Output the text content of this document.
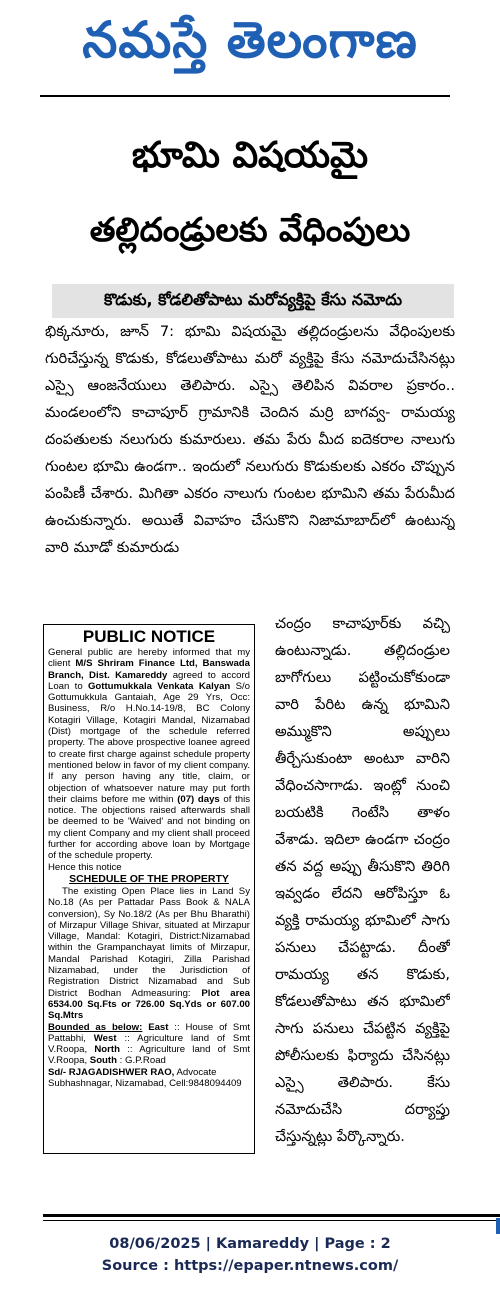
నమస్తే తెలంగాణ
భూమి విషయమై
తల్లిదండ్రులకు వేధింపులు
కొడుకు, కోడలితోపాటు మరోవ్యక్తిపై కేసు నమోదు
భిక్కనూరు, జూన్ 7: భూమి విషయమై తల్లిదండ్రులను వేధింపులకు గురిచేస్తున్న కొడుకు, కోడలుతోపాటు మరో వ్యక్తిపై కేసు నమోదుచేసినట్లు ఎస్సై ఆంజనేయులు తెలిపారు. ఎస్సై తెలిపిన వివరాల ప్రకారం.. మండలంలోని కాచాపూర్ గ్రామానికి చెందిన మర్రి బాగవ్వ- రామయ్య దంపతులకు నలుగురు కుమారులు. తమ పేరు మీద ఐదెకరాల నాలుగు గుంటల భూమి ఉండగా.. ఇందులో నలుగురు కొడుకులకు ఎకరం చొప్పున పంపిణీ చేశారు. మిగితా ఎకరం నాలుగు గుంటల భూమిని తమ పేరుమీద ఉంచుకున్నారు. అయితే వివాహం చేసుకొని నిజామాబాద్‌లో ఉంటున్న వారి మూడో కుమారుడు
PUBLIC NOTICE

General public are hereby informed that my client M/S Shriram Finance Ltd, Banswada Branch, Dist. Kamareddy agreed to accord Loan to Gottumukkala Venkata Kalyan S/o Gottumukkula Gantaiah, Age 29 Yrs, Occ: Business, R/o H.No.14-19/8, BC Colony Kotagiri Village, Kotagiri Mandal, Nizamabad (Dist) mortgage of the schedule referred property. The above prospective loanee agreed to create first charge against schedule property mentioned below in favor of my client company. If any person having any title, claim, or objection of whatsoever nature may put forth their claims before me within (07) days of this notice. The objections raised afterwards shall be deemed to be 'Waived' and not binding on my client Company and my client shall proceed further for according above loan by Mortgage of the schedule property.

Hence this notice

SCHEDULE OF THE PROPERTY

The existing Open Place lies in Land Sy No.18 (As per Pattadar Pass Book & NALA conversion), Sy No.18/2 (As per Bhu Bharathi) of Mirzapur Village Shivar, situated at Mirzapur Village, Mandal: Kotagiri, District:Nizamabad within the Grampanchayat limits of Mirzapur, Mandal Parishad Kotagiri, Zilla Parishad Nizamabad, under the Jurisdiction of Registration District Nizamabad and Sub District Bodhan Admeasuring: Plot area 6534.00 Sq.Fts or 726.00 Sq.Yds or 607.00 Sq.Mtrs

Bounded as below: East :: House of Smt Pattabhi, West :: Agriculture land of Smt V.Roopa, North :: Agriculture land of Smt V.Roopa, South : G.P.Road

Sd/- RJAGADISHWER RAO, Advocate

Subhashnagar, Nizamabad, Cell:9848094409

చంద్రం కాచాపూర్‌కు వచ్చి ఉంటున్నాడు. తల్లిదండ్రుల బాగోగులు పట్టించుకోకుండా వారి పేరిట ఉన్న భూమిని అమ్ముకొని అప్పులు తీర్చేసుకుంటా అంటూ వారిని వేధించసాగాడు. ఇంట్లో నుంచి బయటికి గెంటేసి తాళం వేశాడు. ఇదిలా ఉండగా చంద్రం తన వద్ద అప్పు తీసుకొని తిరిగి ఇవ్వడం లేదని ఆరోపిస్తూ ఓ వ్యక్తి రామయ్య భూమిలో సాగు పనులు చేపట్టాడు. దీంతో రామయ్య తన కొడుకు, కోడలుతోపాటు తన భూమిలో సాగు పనులు చేపట్టిన వ్యక్తిపై పోలీసులకు ఫిర్యాదు చేసినట్లు ఎస్సై తెలిపారు. కేసు నమోదుచేసి దర్యాప్తు చేస్తున్నట్లు పేర్కొన్నారు.
08/06/2025 | Kamareddy | Page : 2
Source : https://epaper.ntnews.com/
